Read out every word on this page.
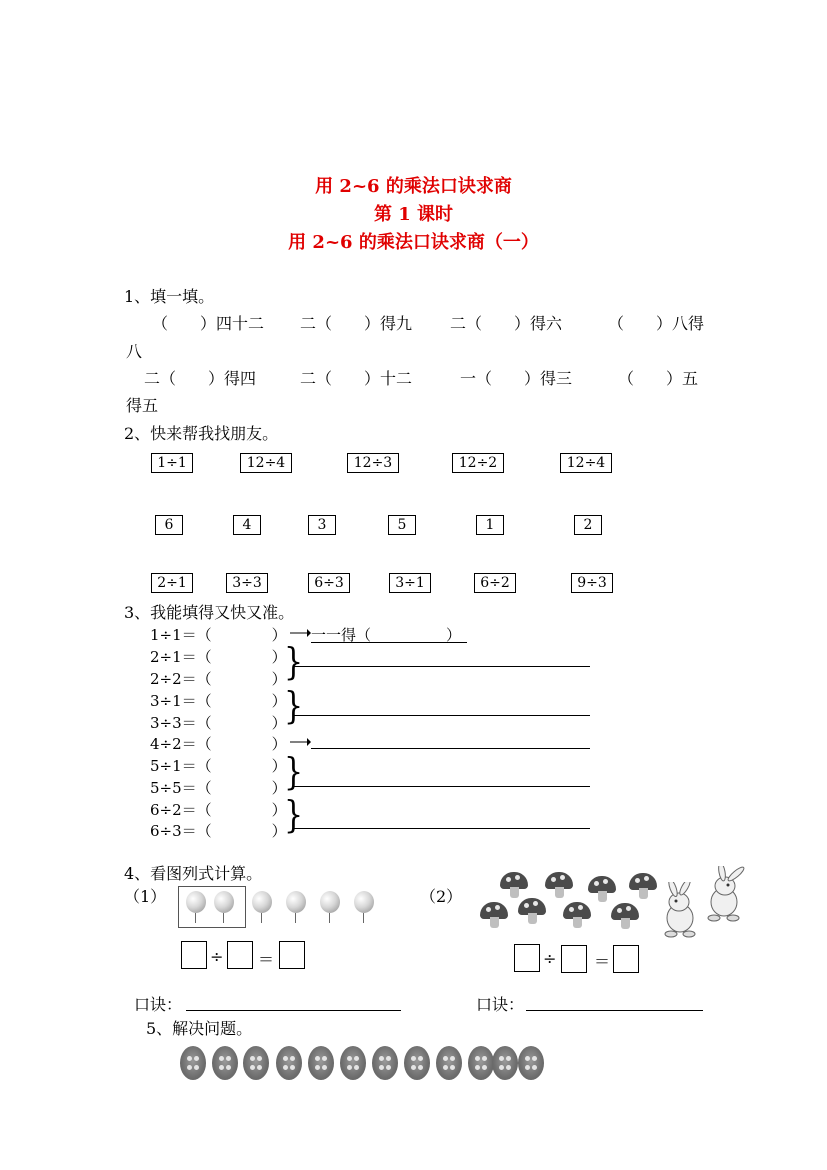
用 2~6 的乘法口诀求商
第 1 课时
用 2~6 的乘法口诀求商（一）
1、填一填。
（　　）四十二 二（　　）得九 二（　　）得六	（　　）八得
八
二（　　）得四	二（　　）十二	一（　　）得三	（　　）五
得五
2、快来帮我找朋友。
1÷1	12÷4	12÷3	12÷2	12÷4
6	4	3	5	1	2
2÷1	3÷3	6÷3	3÷1	6÷2	9÷3
3、我能填得又快又准。
1÷1＝（　　　　）
2÷1＝（　　　　）
2÷2＝（　　　　）
3÷1＝（　　　　）
3÷3＝（　　　　）
4÷2＝（　　　　）
5÷1＝（　　　　）
5÷5＝（　　　　）
6÷2＝（　　　　）
6÷3＝（　　　　）
一一得（　　　　　）
}
}
}
}
4、看图列式计算。
（1）	（2）
÷ ＝	÷ ＝
口诀：	口诀：
5、解决问题。
